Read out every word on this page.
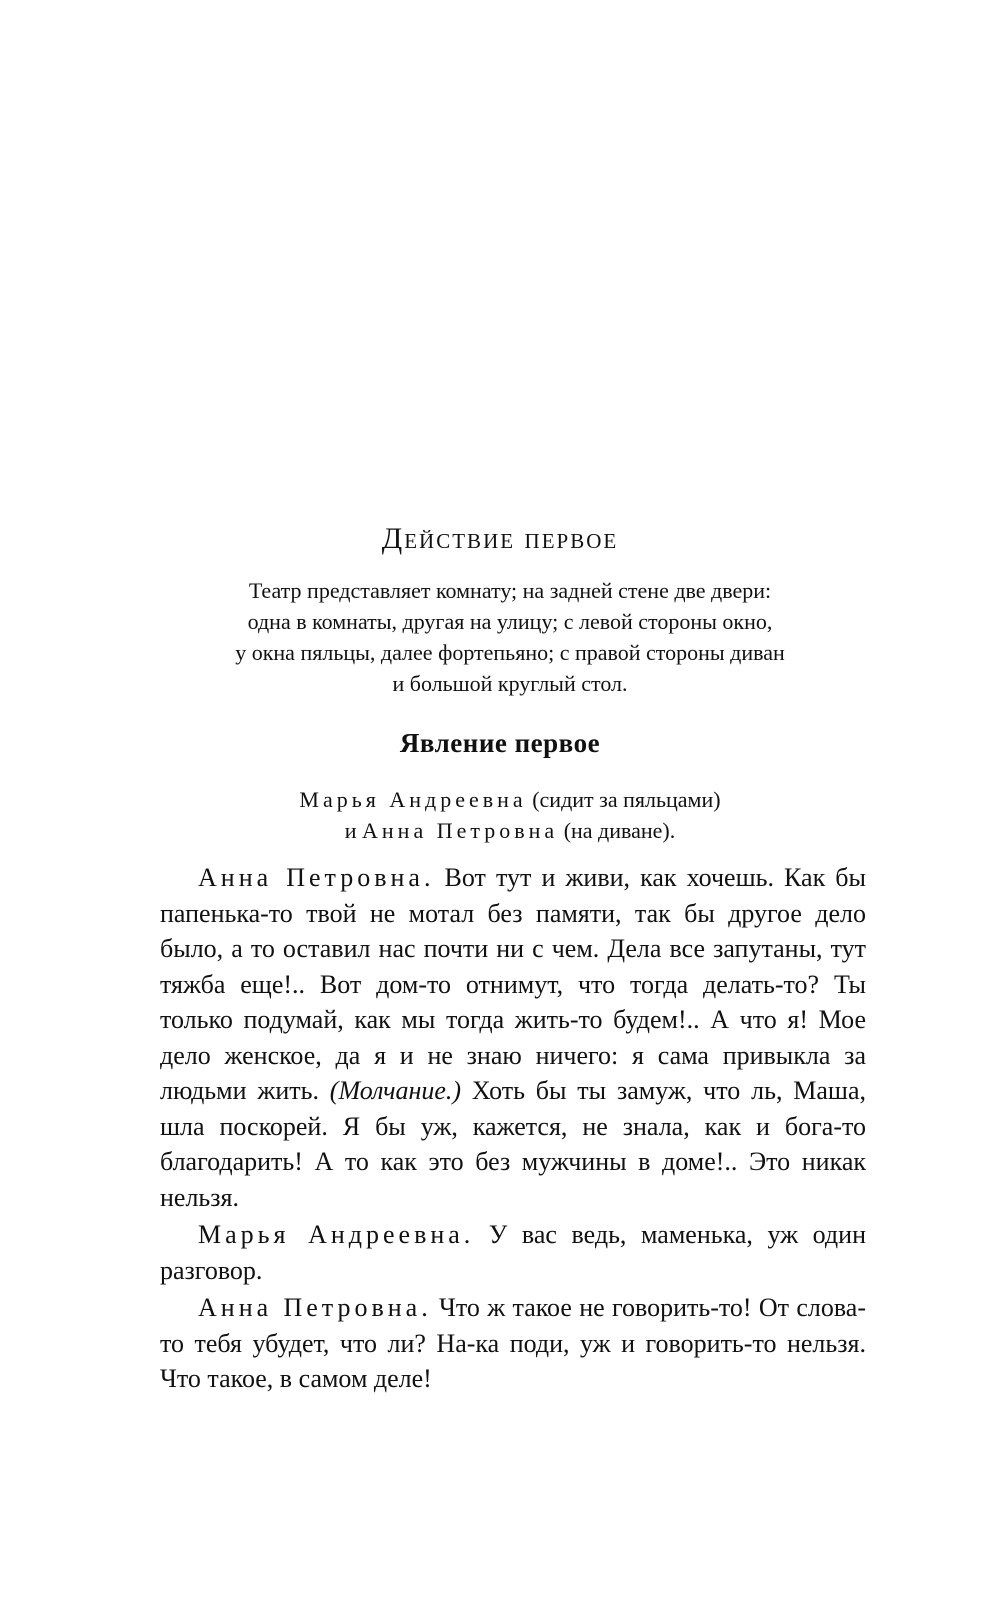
Действие первое
Театр представляет комнату; на задней стене две двери:
одна в комнаты, другая на улицу; с левой стороны окно,
у окна пяльцы, далее фортепьяно; с правой стороны диван
и большой круглый стол.
Явление первое
Марья Андреевна (сидит за пяльцами)
и Анна Петровна (на диване).

Анна Петровна. Вот тут и живи, как хочешь. Как бы папенька-то твой не мотал без памяти, так бы другое дело было, а то оставил нас почти ни с чем. Дела все запутаны, тут тяжба еще!.. Вот дом-то отнимут, что тогда делать-то? Ты только подумай, как мы тогда жить-то будем!.. А что я! Мое дело женское, да я и не знаю ничего: я сама привыкла за людьми жить. (Молчание.) Хоть бы ты замуж, что ль, Маша, шла поскорей. Я бы уж, кажется, не знала, как и бога-то благодарить! А то как это без мужчины в доме!.. Это никак нельзя.

Марья Андреевна. У вас ведь, маменька, уж один разговор.

Анна Петровна. Что ж такое не говорить-то! От слова-то тебя убудет, что ли? На-ка поди, уж и говорить-то нельзя. Что такое, в самом деле!
